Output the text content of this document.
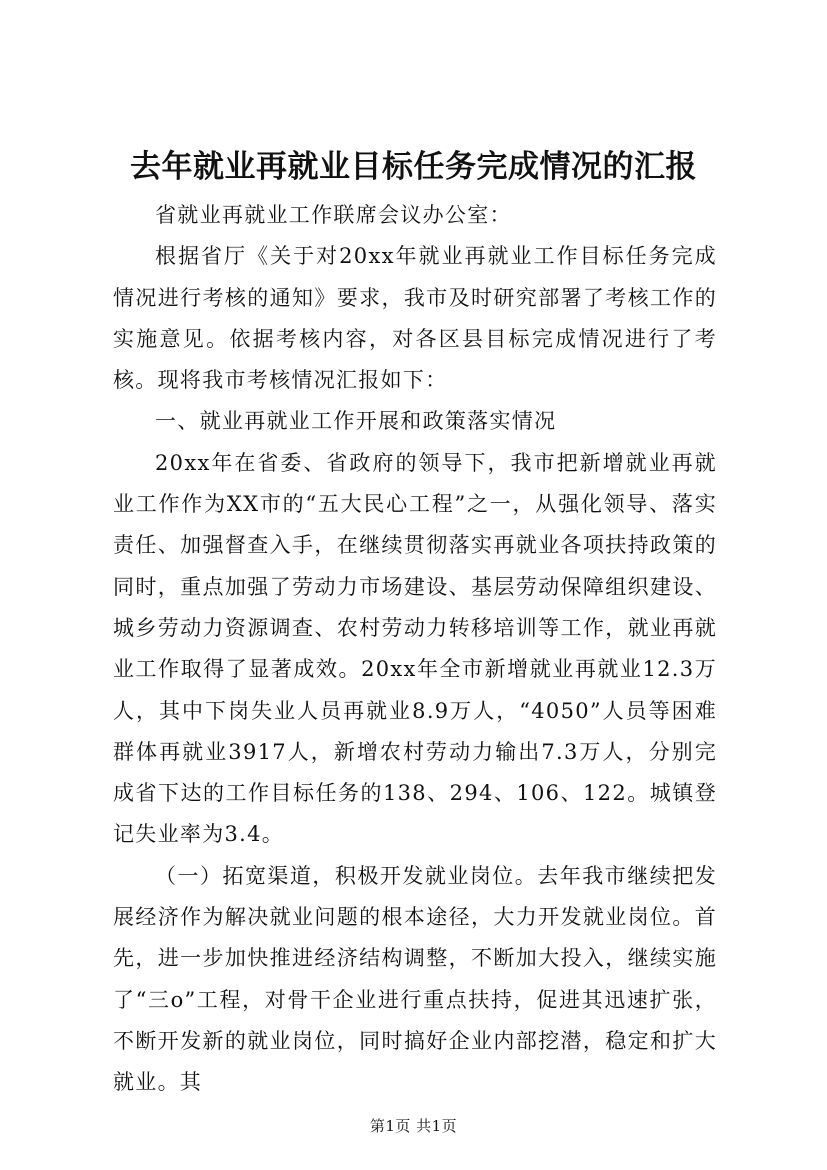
去年就业再就业目标任务完成情况的汇报

省就业再就业工作联席会议办公室：

根据省厅《关于对20xx年就业再就业工作目标任务完成情况进行考核的通知》要求，我市及时研究部署了考核工作的实施意见。依据考核内容，对各区县目标完成情况进行了考核。现将我市考核情况汇报如下：

一、就业再就业工作开展和政策落实情况

20xx年在省委、省政府的领导下，我市把新增就业再就业工作作为XX市的“五大民心工程”之一，从强化领导、落实责任、加强督查入手，在继续贯彻落实再就业各项扶持政策的同时，重点加强了劳动力市场建设、基层劳动保障组织建设、城乡劳动力资源调查、农村劳动力转移培训等工作，就业再就业工作取得了显著成效。20xx年全市新增就业再就业12.3万人，其中下岗失业人员再就业8.9万人，“4050”人员等困难群体再就业3917人，新增农村劳动力输出7.3万人，分别完成省下达的工作目标任务的138、294、106、122。城镇登记失业率为3.4。

（一）拓宽渠道，积极开发就业岗位。去年我市继续把发展经济作为解决就业问题的根本途径，大力开发就业岗位。首先，进一步加快推进经济结构调整，不断加大投入，继续实施了“三o”工程，对骨干企业进行重点扶持，促进其迅速扩张，不断开发新的就业岗位，同时搞好企业内部挖潜，稳定和扩大就业。其

第1页 共1页
